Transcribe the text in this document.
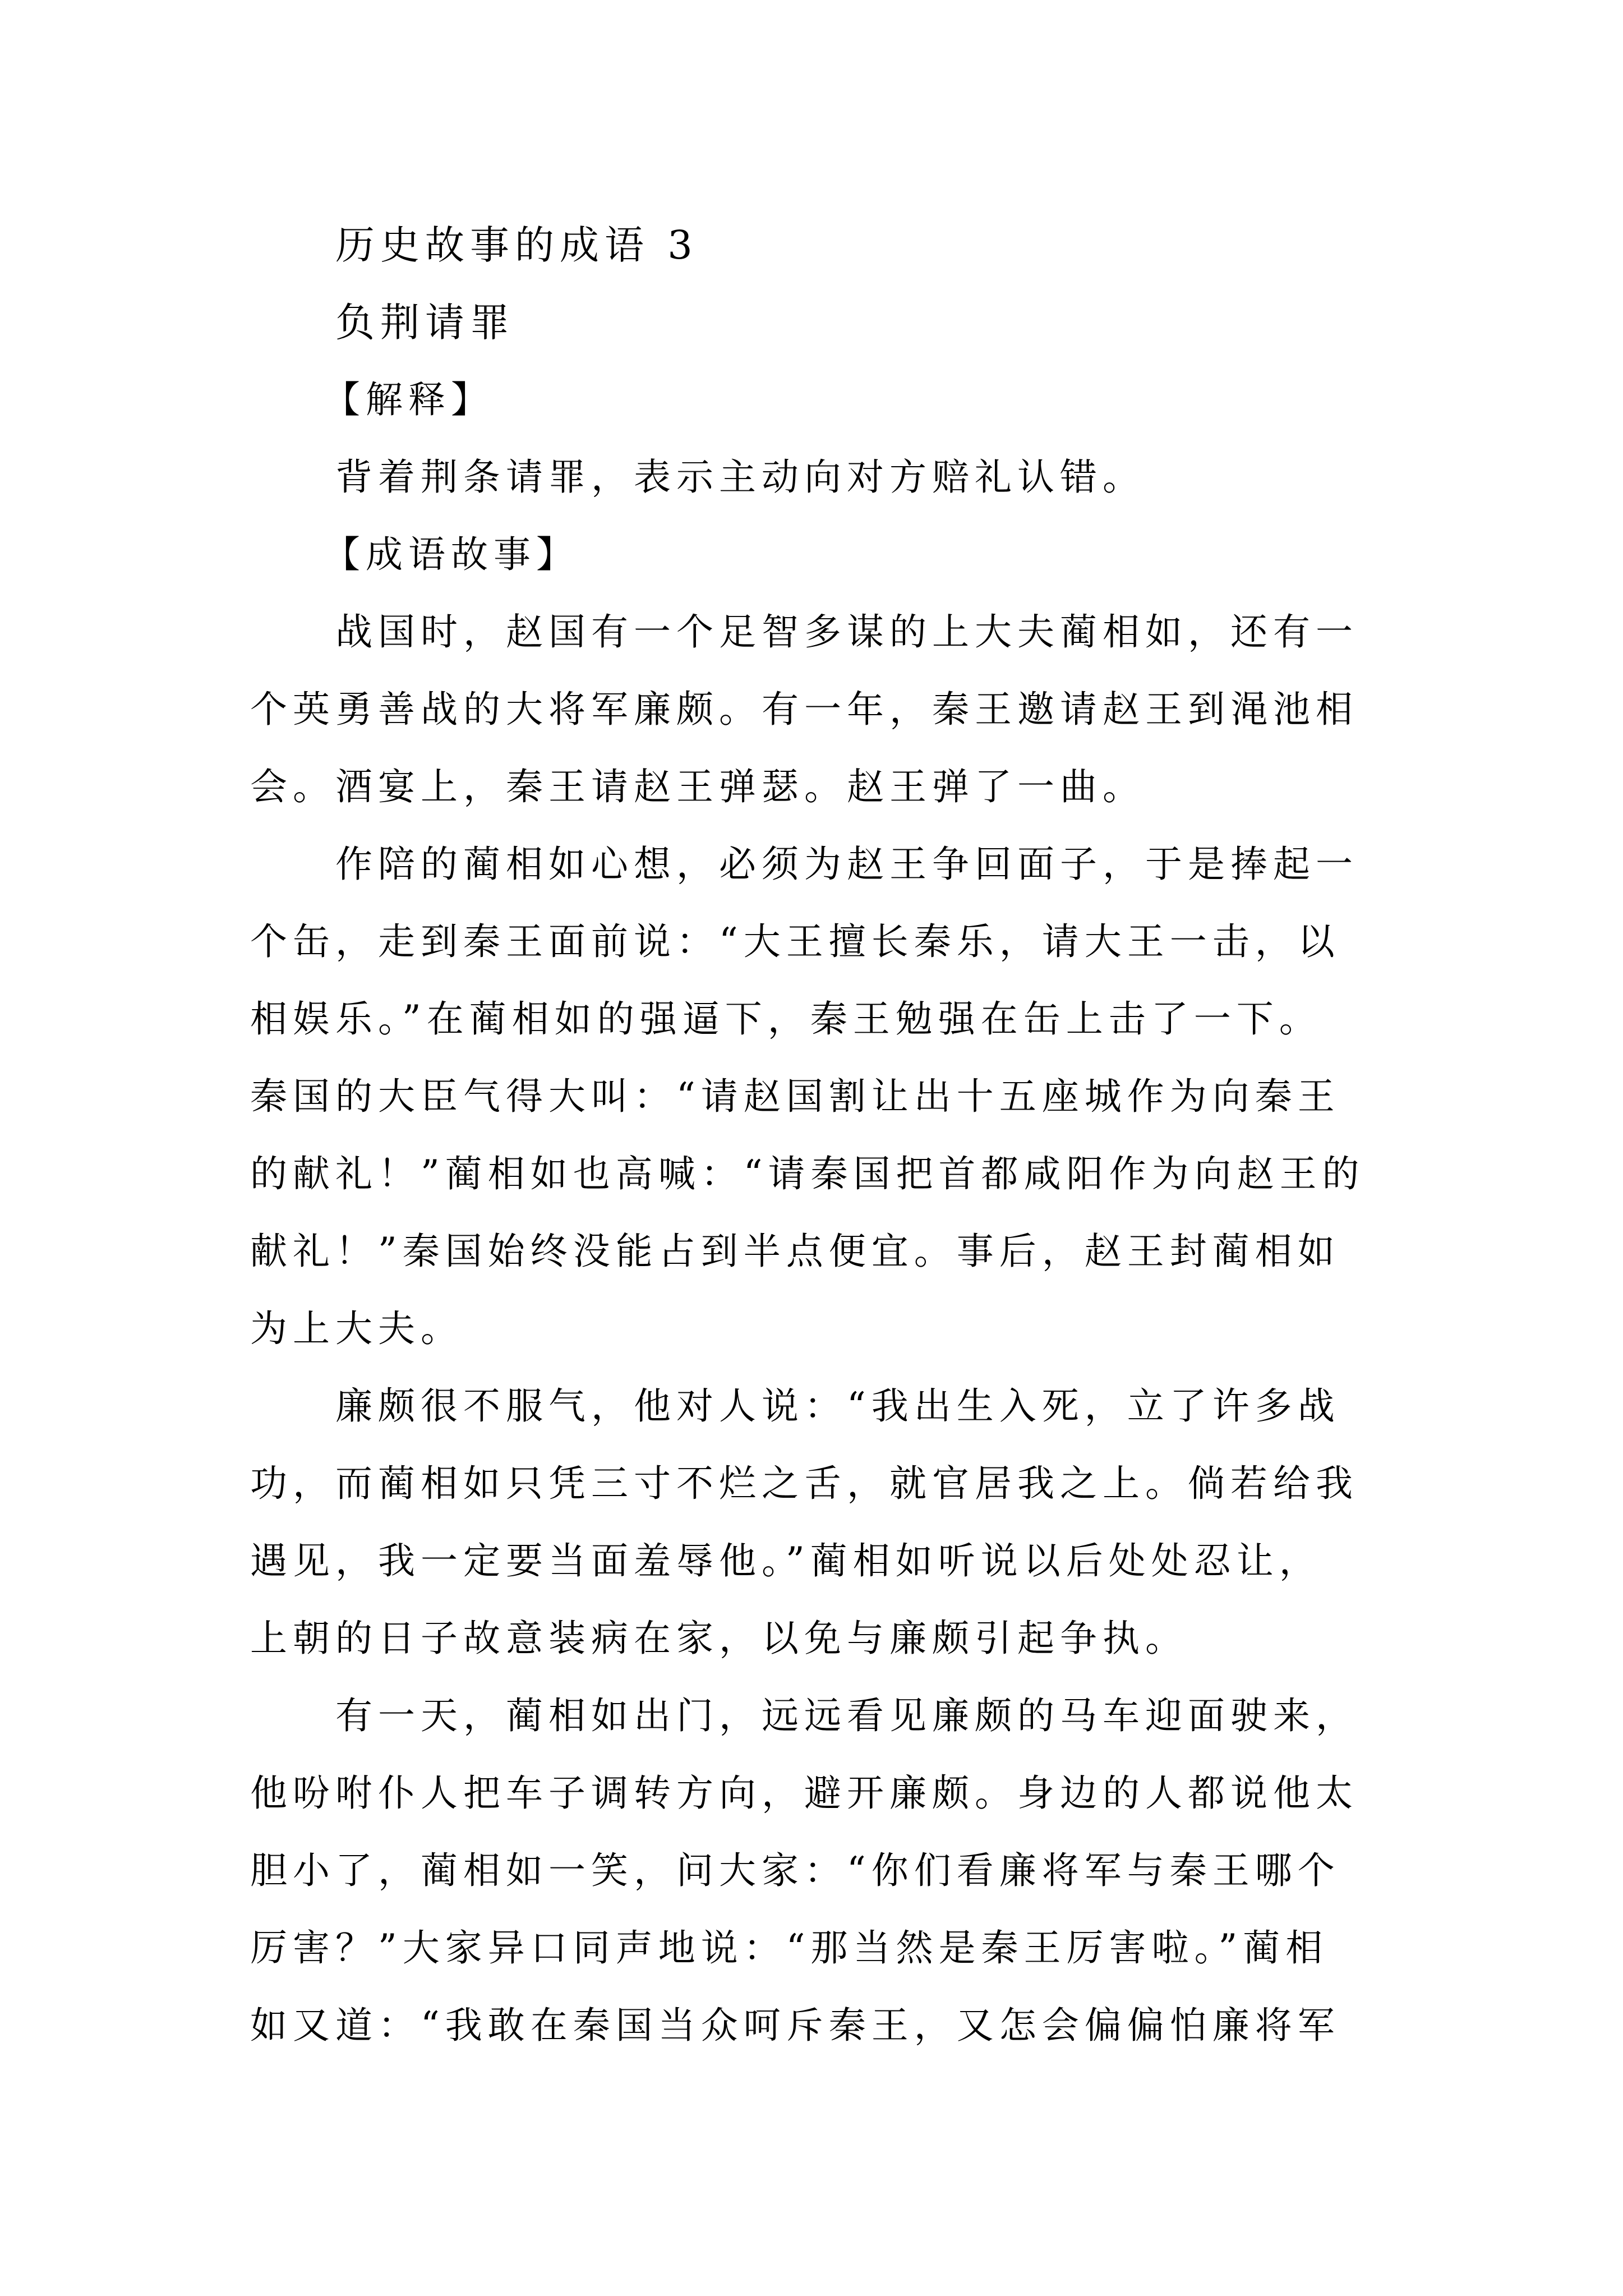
历史故事的成语 3
负荆请罪
【解释】
背着荆条请罪，表示主动向对方赔礼认错。
【成语故事】
战国时，赵国有一个足智多谋的上大夫蔺相如，还有一
个英勇善战的大将军廉颇。有一年，秦王邀请赵王到渑池相
会。酒宴上，秦王请赵王弹瑟。赵王弹了一曲。
作陪的蔺相如心想，必须为赵王争回面子，于是捧起一
个缶，走到秦王面前说：“大王擅长秦乐，请大王一击，以
相娱乐。”在蔺相如的强逼下，秦王勉强在缶上击了一下。
秦国的大臣气得大叫：“请赵国割让出十五座城作为向秦王
的献礼！”蔺相如也高喊：“请秦国把首都咸阳作为向赵王的
献礼！”秦国始终没能占到半点便宜。事后，赵王封蔺相如
为上大夫。
廉颇很不服气，他对人说：“我出生入死，立了许多战
功，而蔺相如只凭三寸不烂之舌，就官居我之上。倘若给我
遇见，我一定要当面羞辱他。”蔺相如听说以后处处忍让，
上朝的日子故意装病在家，以免与廉颇引起争执。
有一天，蔺相如出门，远远看见廉颇的马车迎面驶来，
他吩咐仆人把车子调转方向，避开廉颇。身边的人都说他太
胆小了，蔺相如一笑，问大家：“你们看廉将军与秦王哪个
厉害？”大家异口同声地说：“那当然是秦王厉害啦。”蔺相
如又道：“我敢在秦国当众呵斥秦王，又怎会偏偏怕廉将军
